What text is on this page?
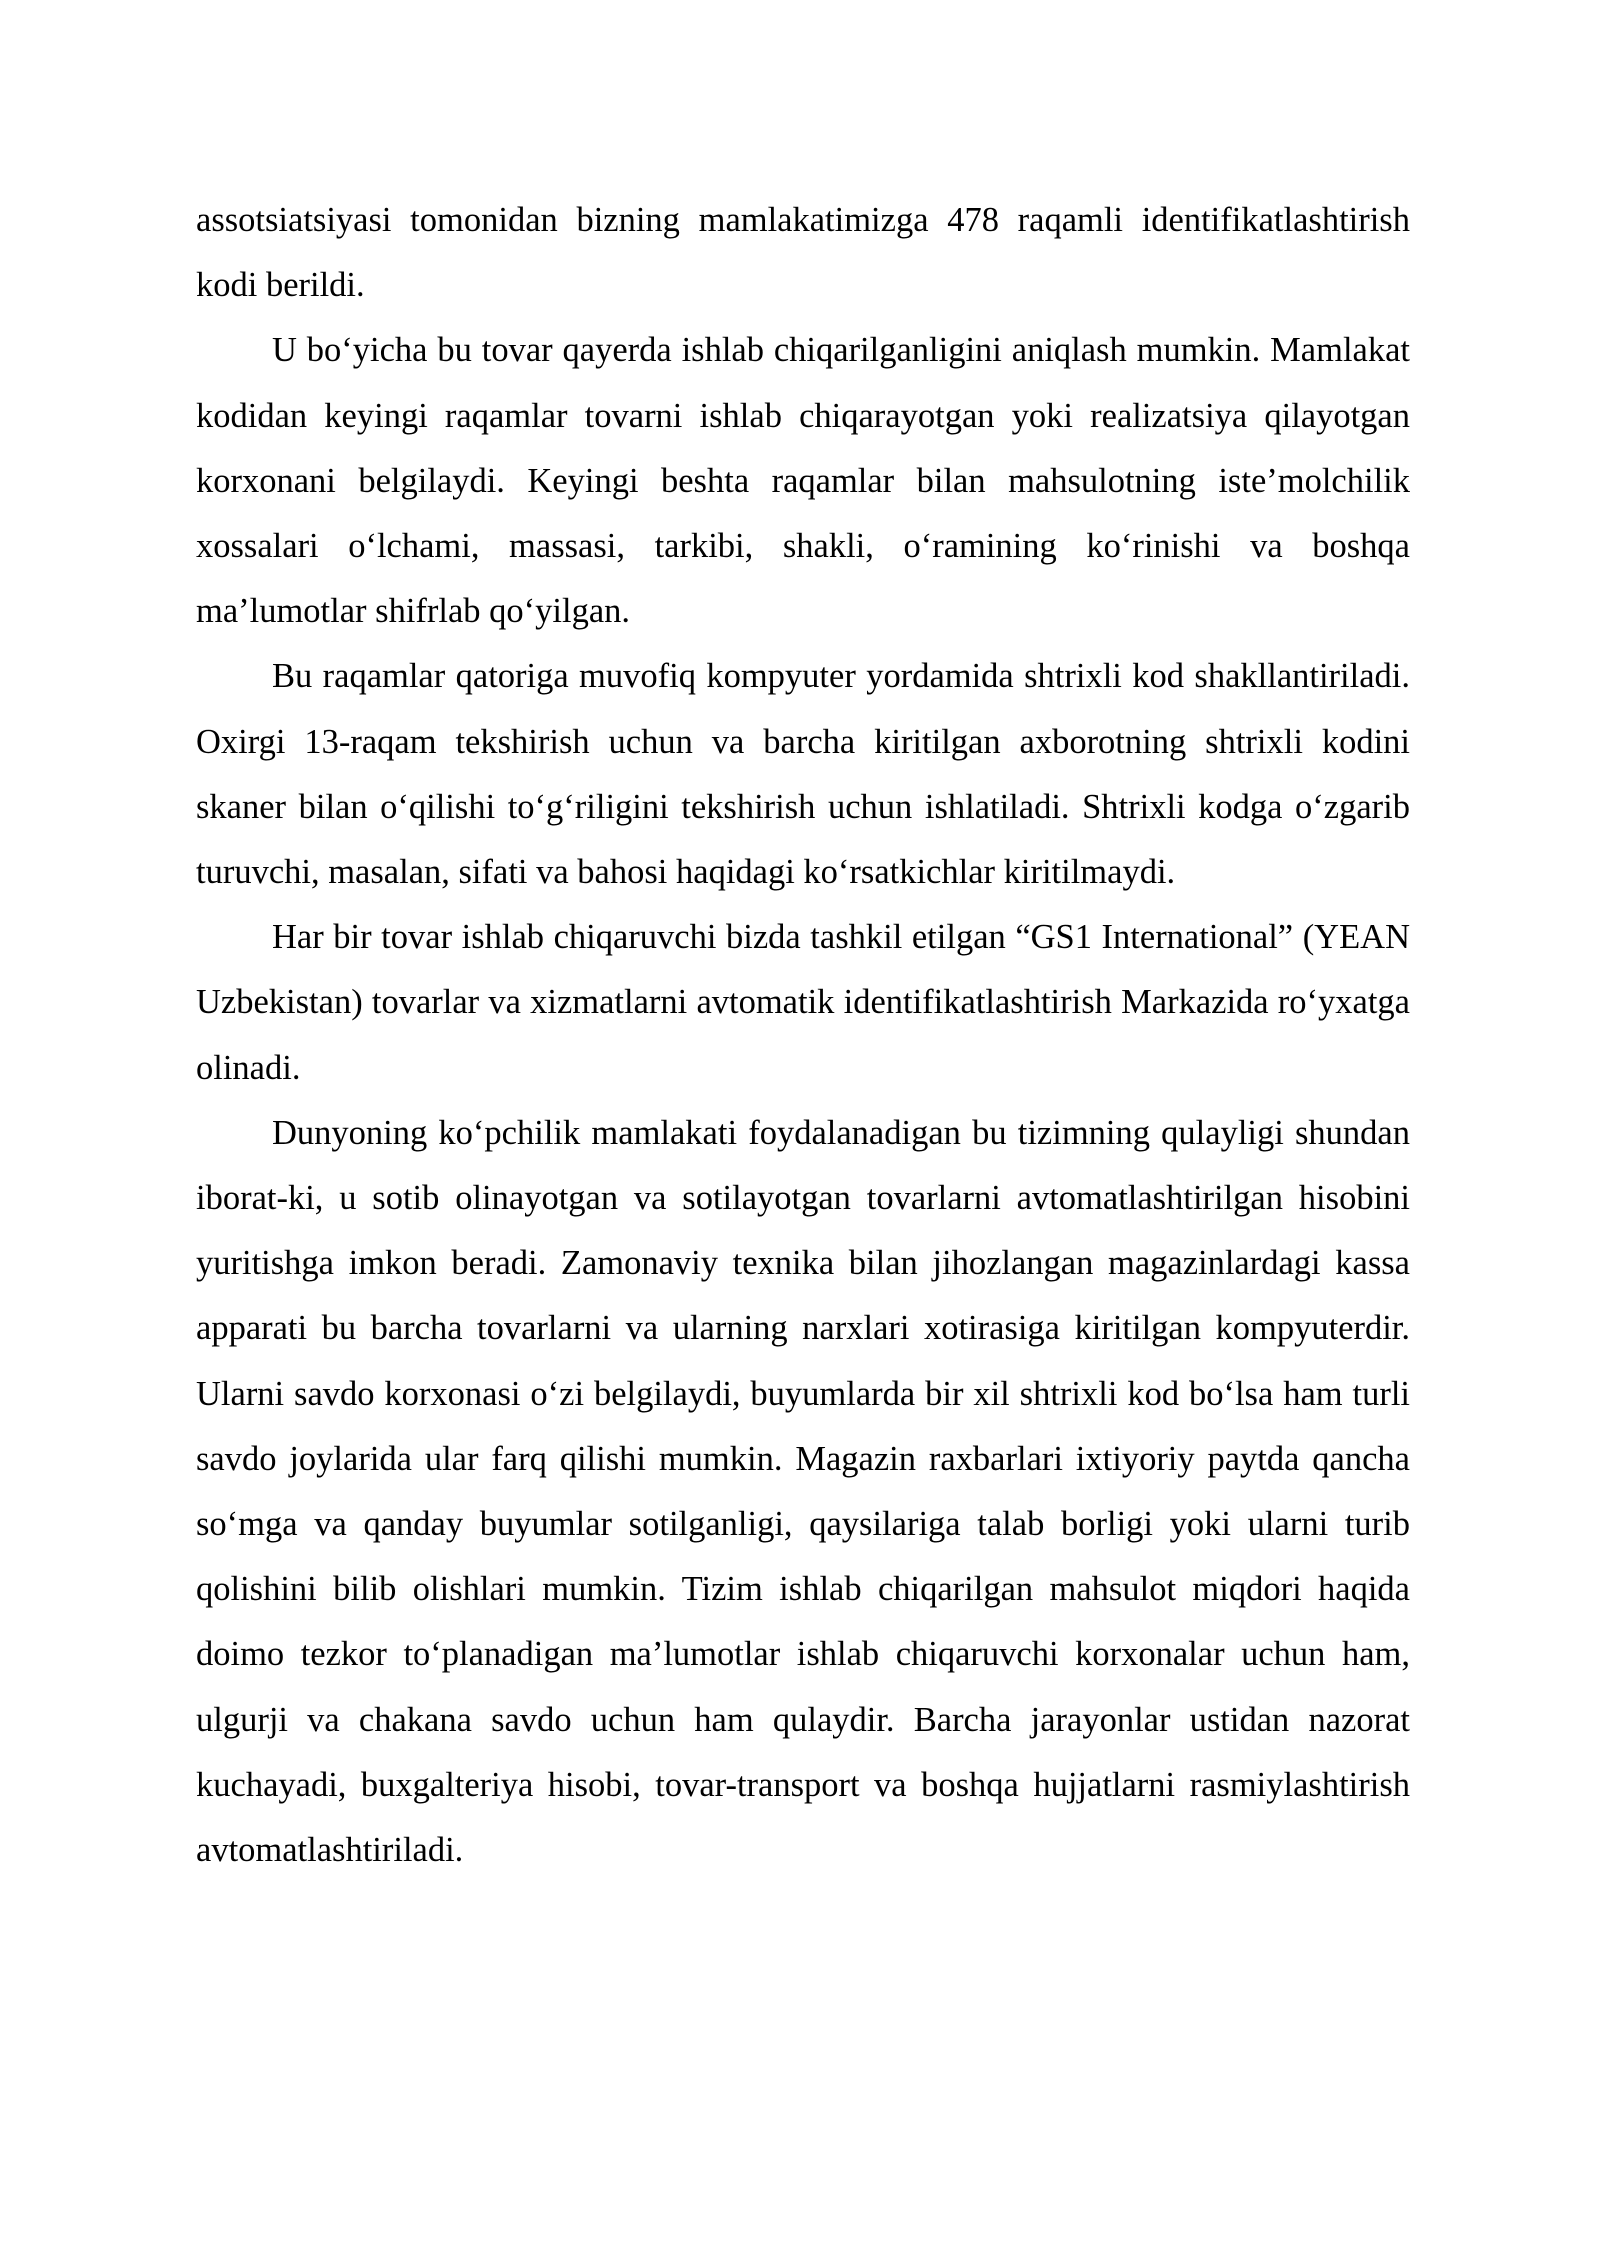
assotsiatsiyasi tomonidan bizning mamlakatimizga 478 raqamli identifikatlashtirish kodi berildi.

U bo‘yicha bu tovar qayerda ishlab chiqarilganligini aniqlash mumkin. Mamlakat kodidan keyingi raqamlar tovarni ishlab chiqarayotgan yoki realizatsiya qilayotgan korxonani belgilaydi. Keyingi beshta raqamlar bilan mahsulotning iste’molchilik xossalari o‘lchami, massasi, tarkibi, shakli, o‘ramining ko‘rinishi va boshqa ma’lumotlar shifrlab qo‘yilgan.

Bu raqamlar qatoriga muvofiq kompyuter yordamida shtrixli kod shakllantiriladi. Oxirgi 13-raqam tekshirish uchun va barcha kiritilgan axborotning shtrixli kodini skaner bilan o‘qilishi to‘g‘riligini tekshirish uchun ishlatiladi. Shtrixli kodga o‘zgarib turuvchi, masalan, sifati va bahosi haqidagi ko‘rsatkichlar kiritilmaydi.

Har bir tovar ishlab chiqaruvchi bizda tashkil etilgan “GS1 International” (YEAN Uzbekistan) tovarlar va xizmatlarni avtomatik identifikatlashtirish Markazida ro‘yxatga olinadi.

Dunyoning ko‘pchilik mamlakati foydalanadigan bu tizimning qulayligi shundan iborat-ki, u sotib olinayotgan va sotilayotgan tovarlarni avtomatlashtirilgan hisobini yuritishga imkon beradi. Zamonaviy texnika bilan jihozlangan magazinlardagi kassa apparati bu barcha tovarlarni va ularning narxlari xotirasiga kiritilgan kompyuterdir. Ularni savdo korxonasi o‘zi belgilaydi, buyumlarda bir xil shtrixli kod bo‘lsa ham turli savdo joylarida ular farq qilishi mumkin. Magazin raxbarlari ixtiyoriy paytda qancha so‘mga va qanday buyumlar sotilganligi, qaysilariga talab borligi yoki ularni turib qolishini bilib olishlari mumkin. Tizim ishlab chiqarilgan mahsulot miqdori haqida doimo tezkor to‘planadigan ma’lumotlar ishlab chiqaruvchi korxonalar uchun ham, ulgurji va chakana savdo uchun ham qulaydir. Barcha jarayonlar ustidan nazorat kuchayadi, buxgalteriya hisobi, tovar-transport va boshqa hujjatlarni rasmiylashtirish avtomatlashtiriladi.
